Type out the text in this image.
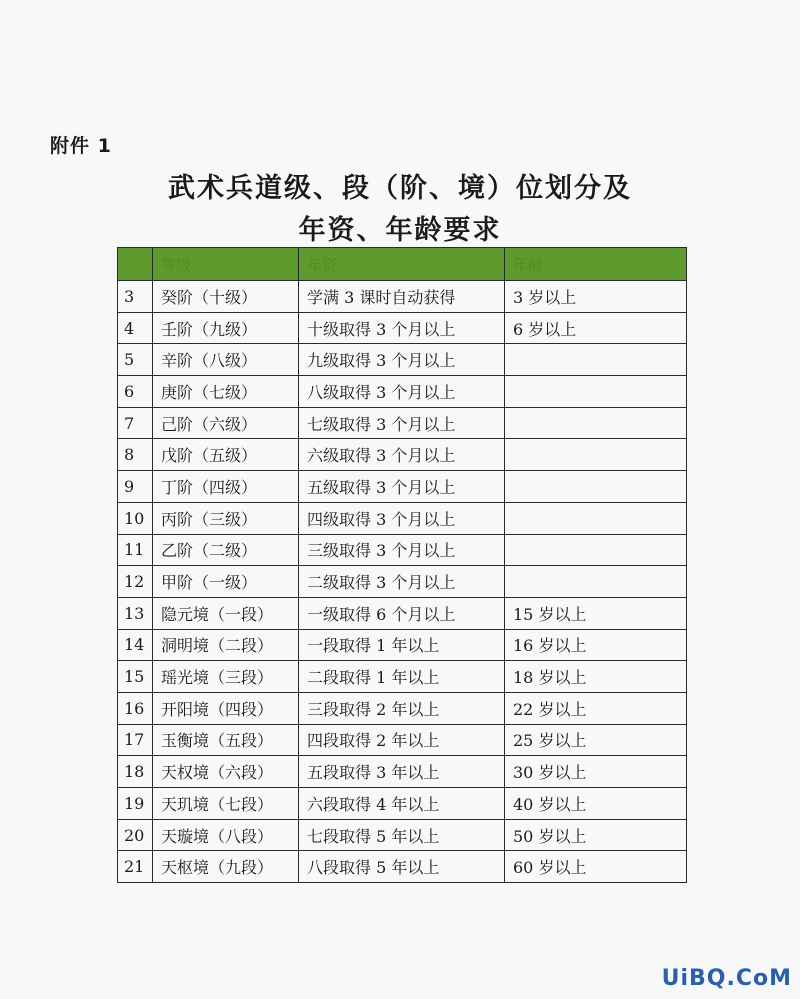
附件 1
武术兵道级、段（阶、境）位划分及
年资、年龄要求
	等级	年资	年龄
3	癸阶（十级）	学满 3 课时自动获得	3 岁以上
4	壬阶（九级）	十级取得 3 个月以上	6 岁以上
5	辛阶（八级）	九级取得 3 个月以上	
6	庚阶（七级）	八级取得 3 个月以上	
7	己阶（六级）	七级取得 3 个月以上	
8	戊阶（五级）	六级取得 3 个月以上	
9	丁阶（四级）	五级取得 3 个月以上	
10	丙阶（三级）	四级取得 3 个月以上	
11	乙阶（二级）	三级取得 3 个月以上	
12	甲阶（一级）	二级取得 3 个月以上	
13	隐元境（一段）	一级取得 6 个月以上	15 岁以上
14	洞明境（二段）	一段取得 1 年以上	16 岁以上
15	瑶光境（三段）	二段取得 1 年以上	18 岁以上
16	开阳境（四段）	三段取得 2 年以上	22 岁以上
17	玉衡境（五段）	四段取得 2 年以上	25 岁以上
18	天权境（六段）	五段取得 3 年以上	30 岁以上
19	天玑境（七段）	六段取得 4 年以上	40 岁以上
20	天璇境（八段）	七段取得 5 年以上	50 岁以上
21	天枢境（九段）	八段取得 5 年以上	60 岁以上
UiBQ.CoM
